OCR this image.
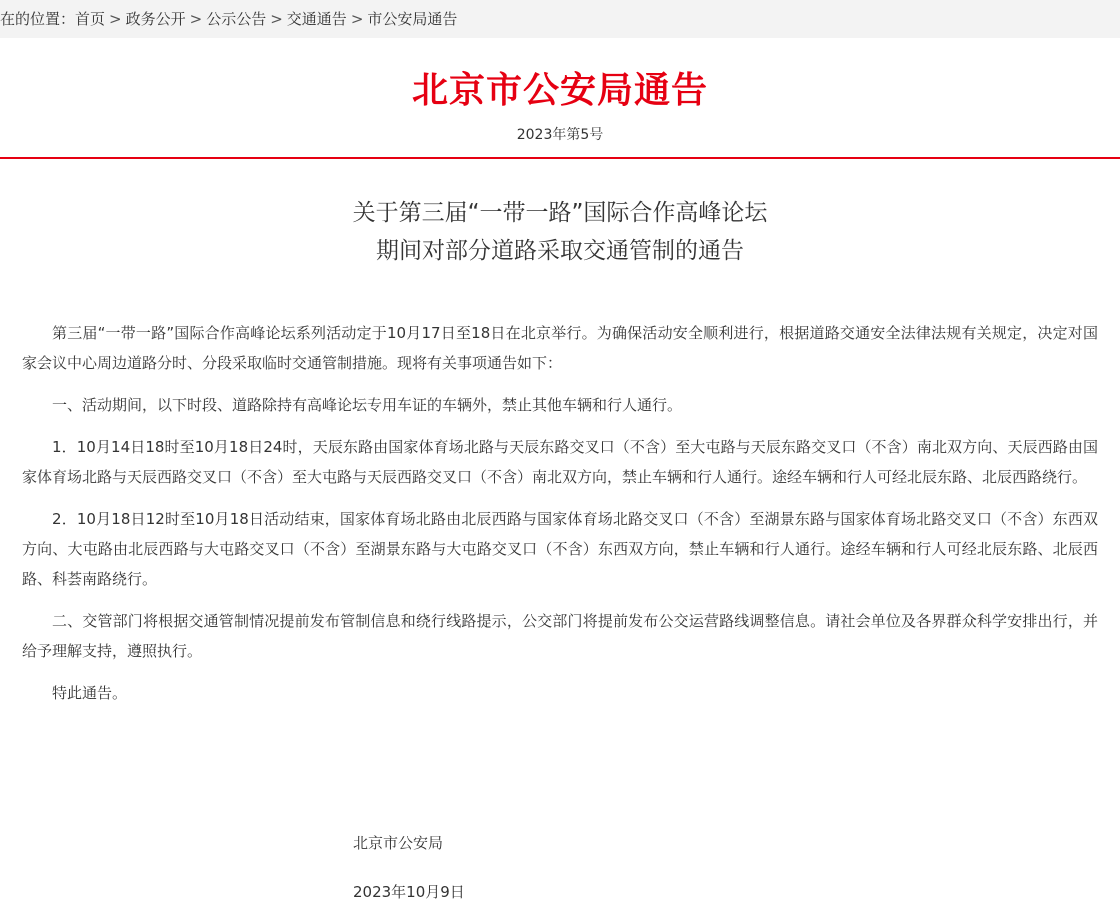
在的位置：首页 > 政务公开 > 公示公告 > 交通通告 > 市公安局通告
北京市公安局通告
2023年第5号
关于第三届“一带一路”国际合作高峰论坛
期间对部分道路采取交通管制的通告

第三届“一带一路”国际合作高峰论坛系列活动定于10月17日至18日在北京举行。为确保活动安全顺利进行，根据道路交通安全法律法规有关规定，决定对国家会议中心周边道路分时、分段采取临时交通管制措施。现将有关事项通告如下：

一、活动期间，以下时段、道路除持有高峰论坛专用车证的车辆外，禁止其他车辆和行人通行。

1．10月14日18时至10月18日24时，天辰东路由国家体育场北路与天辰东路交叉口（不含）至大屯路与天辰东路交叉口（不含）南北双方向、天辰西路由国家体育场北路与天辰西路交叉口（不含）至大屯路与天辰西路交叉口（不含）南北双方向，禁止车辆和行人通行。途经车辆和行人可经北辰东路、北辰西路绕行。

2．10月18日12时至10月18日活动结束，国家体育场北路由北辰西路与国家体育场北路交叉口（不含）至湖景东路与国家体育场北路交叉口（不含）东西双方向、大屯路由北辰西路与大屯路交叉口（不含）至湖景东路与大屯路交叉口（不含）东西双方向，禁止车辆和行人通行。途经车辆和行人可经北辰东路、北辰西路、科荟南路绕行。

二、交管部门将根据交通管制情况提前发布管制信息和绕行线路提示，公交部门将提前发布公交运营路线调整信息。请社会单位及各界群众科学安排出行，并给予理解支持，遵照执行。

特此通告。

北京市公安局
2023年10月9日
